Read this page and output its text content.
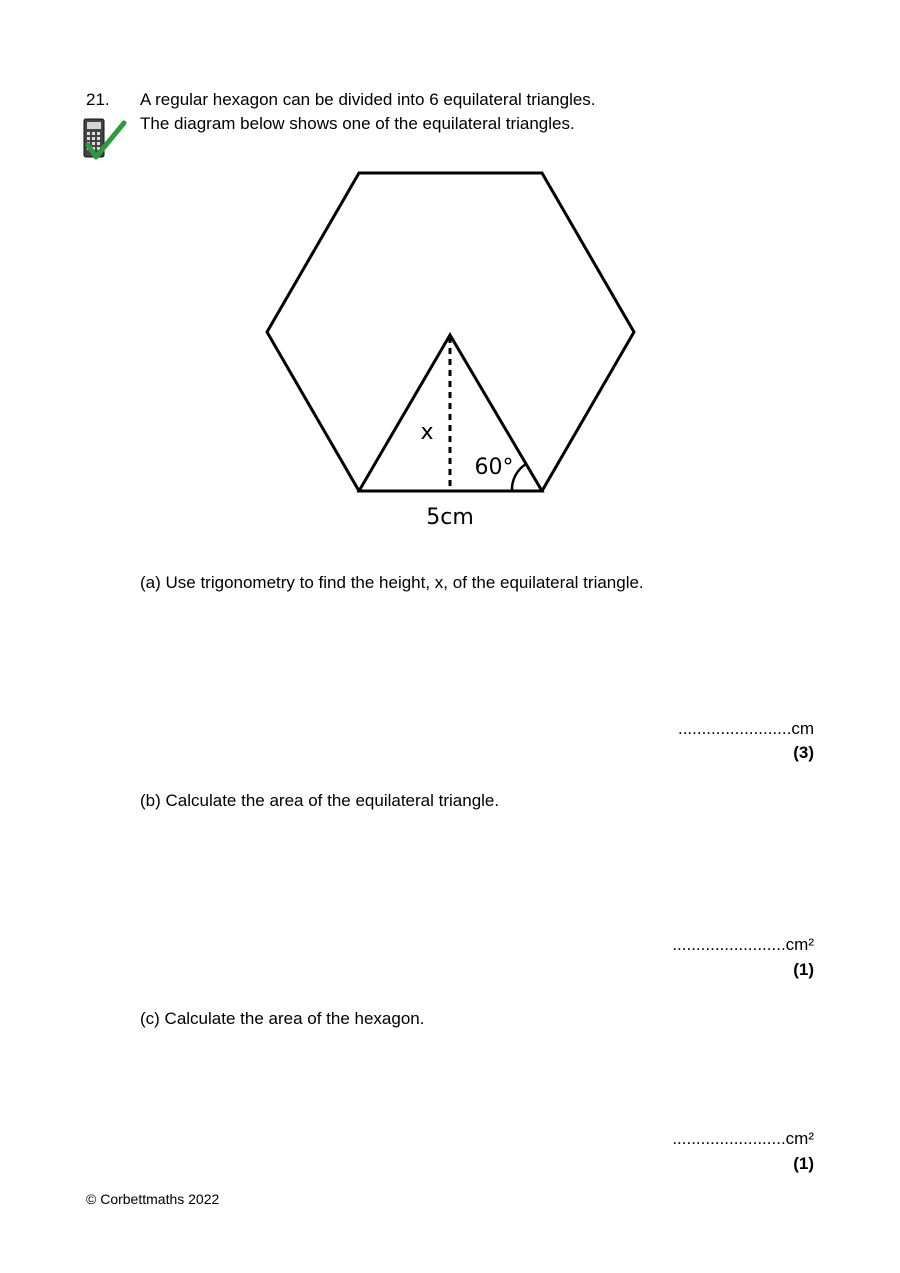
21. A regular hexagon can be divided into 6 equilateral triangles.
The diagram below shows one of the equilateral triangles.
x
60°
5cm
(a) Use trigonometry to find the height, x, of the equilateral triangle.
........................cm
(3)
(b) Calculate the area of the equilateral triangle.
........................cm²
(1)
(c) Calculate the area of the hexagon.
........................cm²
(1)
© Corbettmaths 2022
